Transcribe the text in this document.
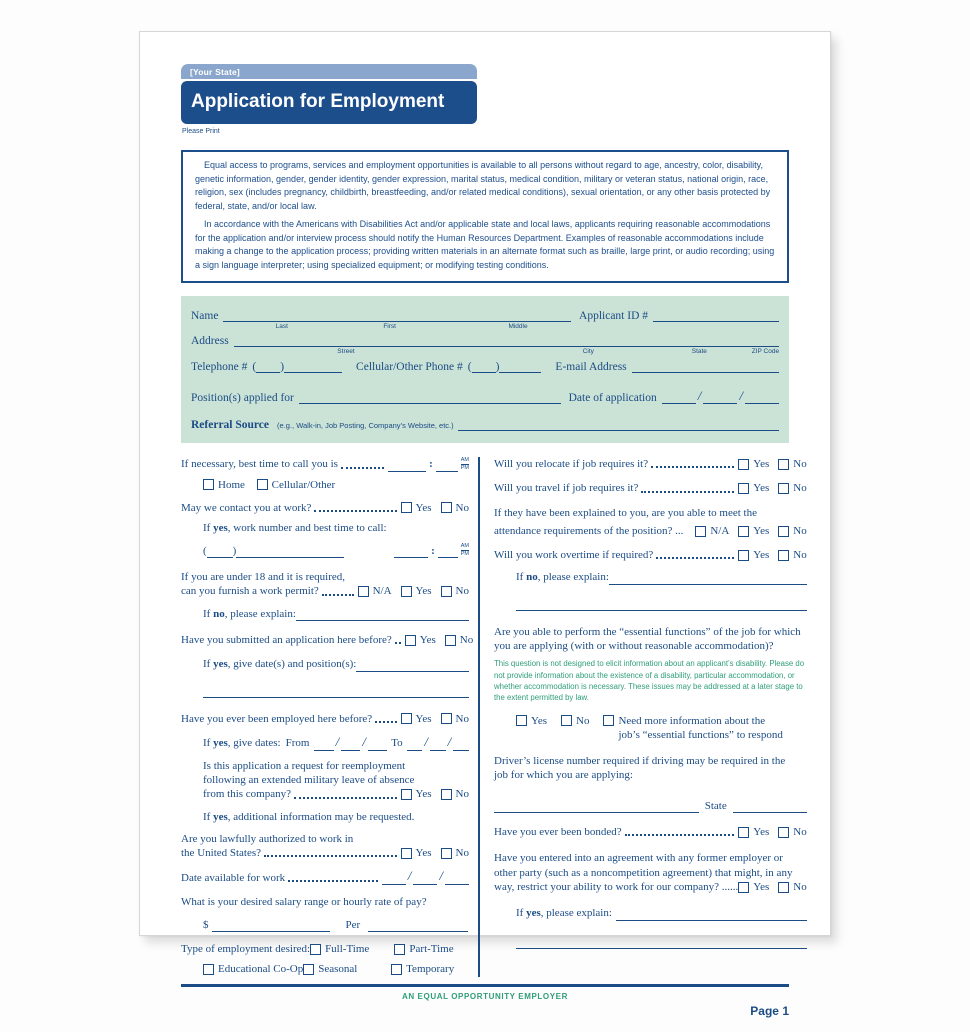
[Your State]
Application for Employment
Please Print

Equal access to programs, services and employment opportunities is available to all persons without regard to age, ancestry, color, disability, genetic information, gender, gender identity, gender expression, marital status, medical condition, military or veteran status, national origin, race, religion, sex (includes pregnancy, childbirth, breastfeeding, and/or related medical conditions), sexual orientation, or any other basis protected by federal, state, and/or local law.

In accordance with the Americans with Disabilities Act and/or applicable state and local laws, applicants requiring reasonable accommodations for the application and/or interview process should notify the Human Resources Department. Examples of reasonable accommodations include making a change to the application process; providing written materials in an alternate format such as braille, large print, or audio recording; using a sign language interpreter; using specialized equipment; or modifying testing conditions.

Name
Last	First	Middle
Applicant ID #
Address
Street	City	State	ZIP Code
Telephone # ( )	Cellular/Other Phone # ( )	E-mail Address
Position(s) applied for	Date of application	/	/
Referral Source	(e.g., Walk-in, Job Posting, Company’s Website, etc.)
If necessary, best time to call you is	:	AM
PM
Home
Cellular/Other
May we contact you at work?	Yes No
If yes, work number and best time to call:
( )	:	AM
PM
If you are under 18 and it is required,
can you furnish a work permit?	N/A Yes No
If no, please explain:
Have you submitted an application here before?	Yes No
If yes, give date(s) and position(s):
Have you ever been employed here before?	Yes No
If yes, give dates: From	/ /	To	/ /
Is this application a request for reemployment
following an extended military leave of absence
from this company?	Yes No
If yes, additional information may be requested.
Are you lawfully authorized to work in
the United States?	Yes No
Date available for work	/ /
What is your desired salary range or hourly rate of pay?
$	Per
Type of employment desired: Full-Time	Part-Time
Educational Co-Op Seasonal	Temporary
Will you relocate if job requires it?	Yes No
Will you travel if job requires it?	Yes No
If they have been explained to you, are you able to meet the
attendance requirements of the position? ... N/A Yes No
Will you work overtime if required?	Yes No
If no, please explain:
Are you able to perform the “essential functions” of the job for which
you are applying (with or without reasonable accommodation)?
This question is not designed to elicit information about an applicant’s disability. Please do not provide information about the existence of a disability, particular accommodation, or whether accommodation is necessary. These issues may be addressed at a later stage to the extent permitted by law.
Yes	No	Need more information about the
job’s “essential functions” to respond
Driver’s license number required if driving may be required in the
job for which you are applying:
State
Have you ever been bonded?	Yes No
Have you entered into an agreement with any former employer or
other party (such as a noncompetition agreement) that might, in any
way, restrict your ability to work for our company? ...... Yes No
If yes, please explain:
AN EQUAL OPPORTUNITY EMPLOYER
Page 1
